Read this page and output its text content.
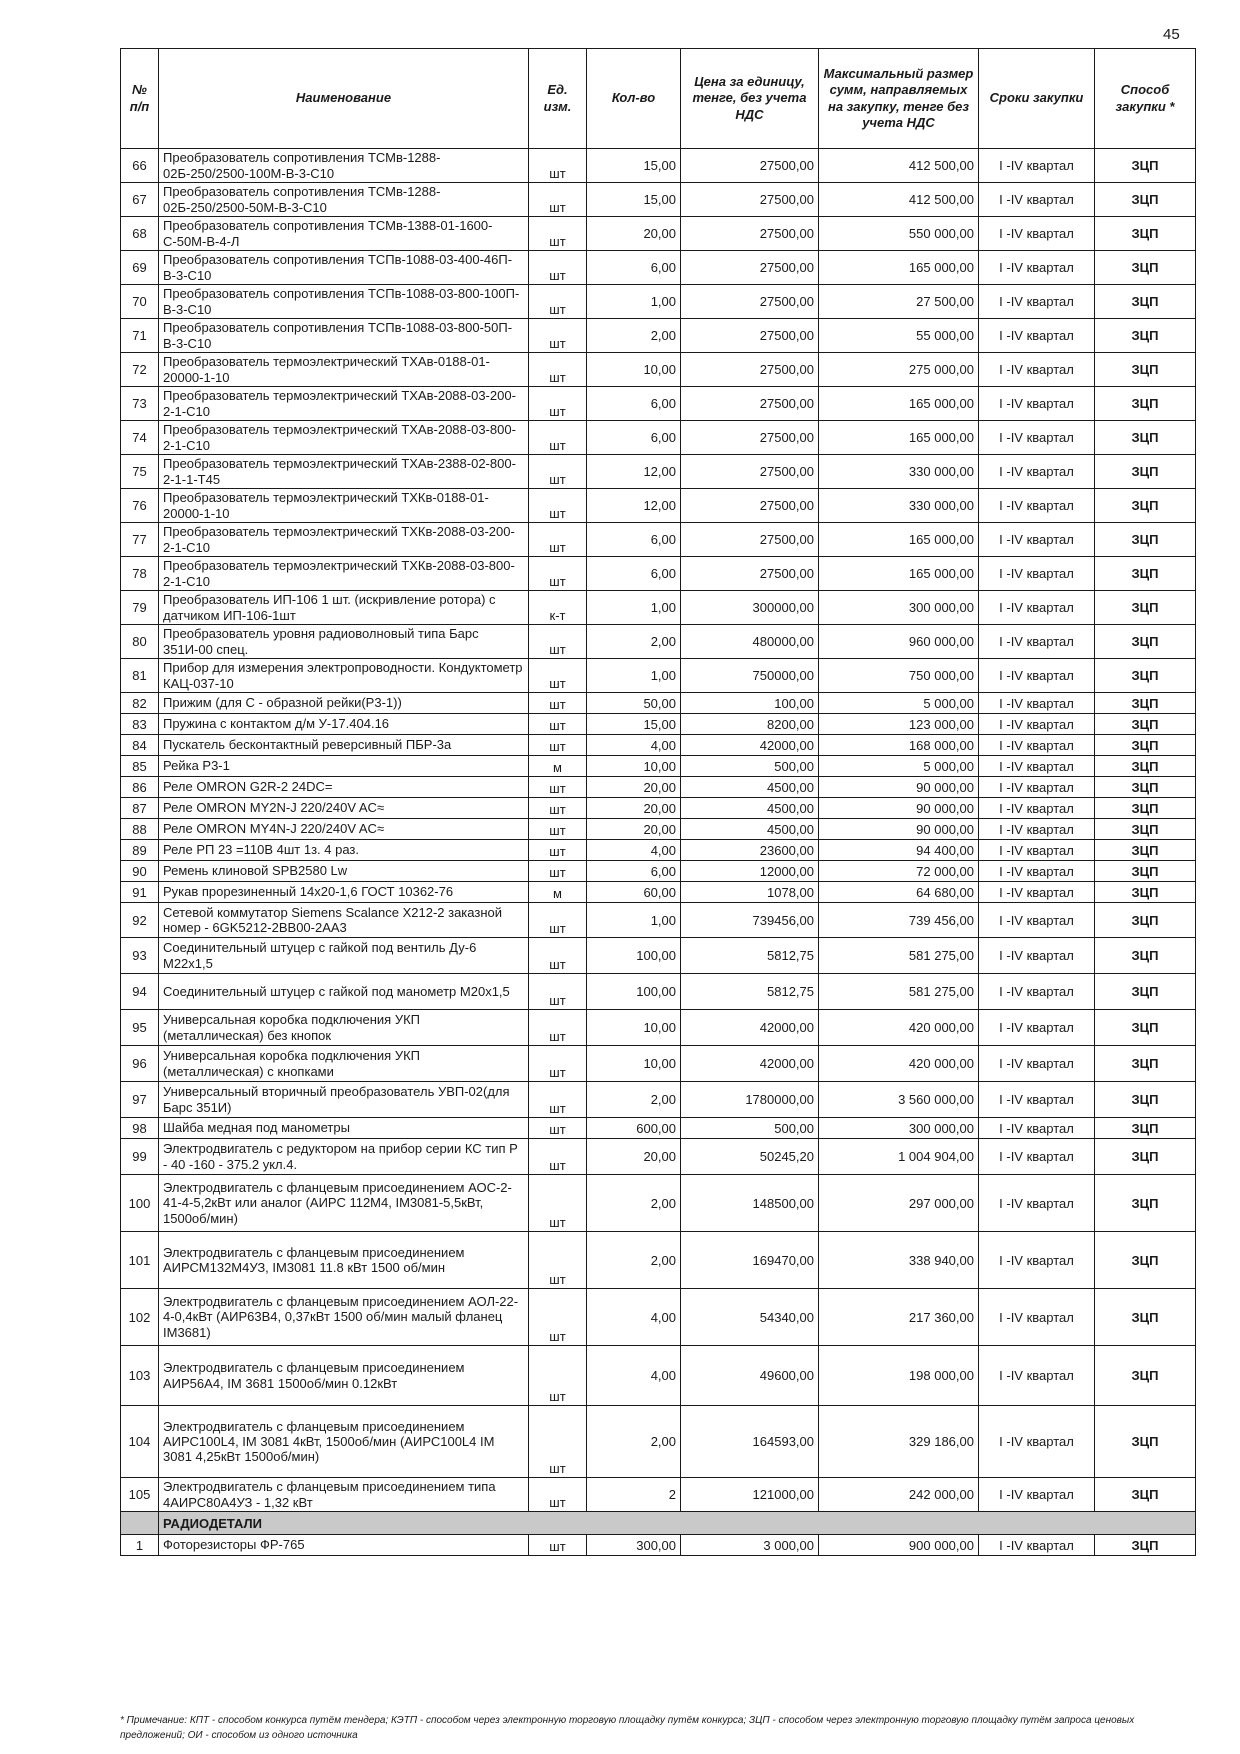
45
№ п/п	Наименование	Ед. изм.	Кол-во	Цена за единицу, тенге, без учета НДС	Максимальный размер сумм, направляемых на закупку, тенге без учета НДС	Сроки закупки	Способ закупки *
66	Преобразователь сопротивления ТСМв-1288-02Б-250/2500-100М-В-3-С10	шт	15,00	27500,00	412 500,00	I -IV квартал	ЗЦП
67	Преобразователь сопротивления ТСМв-1288-02Б-250/2500-50М-В-3-С10	шт	15,00	27500,00	412 500,00	I -IV квартал	ЗЦП
68	Преобразователь сопротивления ТСМв-1388-01-1600-С-50М-В-4-Л	шт	20,00	27500,00	550 000,00	I -IV квартал	ЗЦП
69	Преобразователь сопротивления ТСПв-1088-03-400-46П-В-3-С10	шт	6,00	27500,00	165 000,00	I -IV квартал	ЗЦП
70	Преобразователь сопротивления ТСПв-1088-03-800-100П-В-3-С10	шт	1,00	27500,00	27 500,00	I -IV квартал	ЗЦП
71	Преобразователь сопротивления ТСПв-1088-03-800-50П-В-3-С10	шт	2,00	27500,00	55 000,00	I -IV квартал	ЗЦП
72	Преобразователь термоэлектрический ТХАв-0188-01-20000-1-10	шт	10,00	27500,00	275 000,00	I -IV квартал	ЗЦП
73	Преобразователь термоэлектрический ТХАв-2088-03-200-2-1-С10	шт	6,00	27500,00	165 000,00	I -IV квартал	ЗЦП
74	Преобразователь термоэлектрический ТХАв-2088-03-800-2-1-С10	шт	6,00	27500,00	165 000,00	I -IV квартал	ЗЦП
75	Преобразователь термоэлектрический ТХАв-2388-02-800-2-1-1-Т45	шт	12,00	27500,00	330 000,00	I -IV квартал	ЗЦП
76	Преобразователь термоэлектрический ТХКв-0188-01-20000-1-10	шт	12,00	27500,00	330 000,00	I -IV квартал	ЗЦП
77	Преобразователь термоэлектрический ТХКв-2088-03-200-2-1-С10	шт	6,00	27500,00	165 000,00	I -IV квартал	ЗЦП
78	Преобразователь термоэлектрический ТХКв-2088-03-800-2-1-С10	шт	6,00	27500,00	165 000,00	I -IV квартал	ЗЦП
79	Преобразователь ИП-106 1 шт. (искривление ротора) с датчиком ИП-106-1шт	к-т	1,00	300000,00	300 000,00	I -IV квартал	ЗЦП
80	Преобразователь уровня радиоволновый типа Барс 351И-00 спец.	шт	2,00	480000,00	960 000,00	I -IV квартал	ЗЦП
81	Прибор для измерения электропроводности. Кондуктометр КАЦ-037-10	шт	1,00	750000,00	750 000,00	I -IV квартал	ЗЦП
82	Прижим (для С - образной рейки(Р3-1))	шт	50,00	100,00	5 000,00	I -IV квартал	ЗЦП
83	Пружина с контактом д/м У-17.404.16	шт	15,00	8200,00	123 000,00	I -IV квартал	ЗЦП
84	Пускатель бесконтактный реверсивный ПБР-3а	шт	4,00	42000,00	168 000,00	I -IV квартал	ЗЦП
85	Рейка Р3-1	м	10,00	500,00	5 000,00	I -IV квартал	ЗЦП
86	Реле OMRON G2R-2 24DC=	шт	20,00	4500,00	90 000,00	I -IV квартал	ЗЦП
87	Реле OMRON MY2N-J 220/240V AC≈	шт	20,00	4500,00	90 000,00	I -IV квартал	ЗЦП
88	Реле OMRON MY4N-J 220/240V AC≈	шт	20,00	4500,00	90 000,00	I -IV квартал	ЗЦП
89	Реле РП 23 =110В 4шт 1з. 4 раз.	шт	4,00	23600,00	94 400,00	I -IV квартал	ЗЦП
90	Ремень клиновой SPB2580 Lw	шт	6,00	12000,00	72 000,00	I -IV квартал	ЗЦП
91	Рукав прорезиненный 14х20-1,6 ГОСТ 10362-76	м	60,00	1078,00	64 680,00	I -IV квартал	ЗЦП
92	Сетевой коммутатор Siemens Scalance X212-2 заказной номер - 6GK5212-2BB00-2AA3	шт	1,00	739456,00	739 456,00	I -IV квартал	ЗЦП
93	Соединительный штуцер с гайкой под вентиль Ду-6 М22х1,5	шт	100,00	5812,75	581 275,00	I -IV квартал	ЗЦП
94	Соединительный штуцер с гайкой под манометр М20х1,5	шт	100,00	5812,75	581 275,00	I -IV квартал	ЗЦП
95	Универсальная коробка подключения УКП (металлическая) без кнопок	шт	10,00	42000,00	420 000,00	I -IV квартал	ЗЦП
96	Универсальная коробка подключения УКП (металлическая) с кнопками	шт	10,00	42000,00	420 000,00	I -IV квартал	ЗЦП
97	Универсальный вторичный преобразователь УВП-02(для Барс 351И)	шт	2,00	1780000,00	3 560 000,00	I -IV квартал	ЗЦП
98	Шайба медная под манометры	шт	600,00	500,00	300 000,00	I -IV квартал	ЗЦП
99	Электродвигатель с редуктором на прибор серии КС тип Р - 40 -160 - 375.2 укл.4.	шт	20,00	50245,20	1 004 904,00	I -IV квартал	ЗЦП
100	Электродвигатель с фланцевым присоединением АОС-2-41-4-5,2кВт или аналог (АИРС 112М4, IM3081-5,5кВт, 1500об/мин)	шт	2,00	148500,00	297 000,00	I -IV квартал	ЗЦП
101	Электродвигатель с фланцевым присоединением АИРСМ132М4УЗ, IM3081 11.8 кВт 1500 об/мин	шт	2,00	169470,00	338 940,00	I -IV квартал	ЗЦП
102	Электродвигатель с фланцевым присоединением АОЛ-22-4-0,4кВт (АИР63В4, 0,37кВт 1500 об/мин малый фланец IM3681)	шт	4,00	54340,00	217 360,00	I -IV квартал	ЗЦП
103	Электродвигатель с фланцевым присоединением АИР56А4, IM 3681 1500об/мин 0.12кВт	шт	4,00	49600,00	198 000,00	I -IV квартал	ЗЦП
104	Электродвигатель с фланцевым присоединением АИРС100L4, IM 3081 4кВт, 1500об/мин (АИРС100L4 IM 3081 4,25кВт 1500об/мин)	шт	2,00	164593,00	329 186,00	I -IV квартал	ЗЦП
105	Электродвигатель с фланцевым присоединением типа 4АИРС80А4УЗ - 1,32 кВт	шт	2	121000,00	242 000,00	I -IV квартал	ЗЦП
	РАДИОДЕТАЛИ						
1	Фоторезисторы ФР-765	шт	300,00	3 000,00	900 000,00	I -IV квартал	ЗЦП
* Примечание: КПТ - способом конкурса путём тендера; КЭТП - способом через электронную торговую площадку путём конкурса; ЗЦП - способом через электронную торговую площадку путём запроса ценовых предложений; ОИ - способом из одного источника
